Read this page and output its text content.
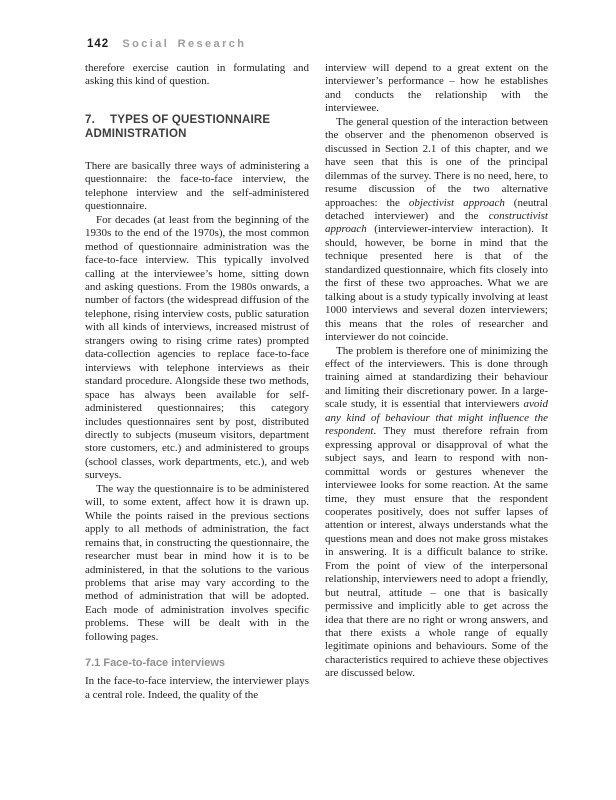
142 Social Research

therefore exercise caution in formulating and asking this kind of question.

7. TYPES OF QUESTIONNAIRE ADMINISTRATION

There are basically three ways of administering a questionnaire: the face-to-face interview, the telephone interview and the self-administered questionnaire.

For decades (at least from the beginning of the 1930s to the end of the 1970s), the most common method of questionnaire administration was the face-to-face interview. This typically involved calling at the interviewee’s home, sitting down and asking questions. From the 1980s onwards, a number of factors (the widespread diffusion of the telephone, rising interview costs, public saturation with all kinds of interviews, increased mistrust of strangers owing to rising crime rates) prompted data-collection agencies to replace face-to-face interviews with telephone interviews as their standard procedure. Alongside these two methods, space has always been available for self-administered questionnaires; this category includes questionnaires sent by post, distributed directly to subjects (museum visitors, department store customers, etc.) and administered to groups (school classes, work departments, etc.), and web surveys.

The way the questionnaire is to be administered will, to some extent, affect how it is drawn up. While the points raised in the previous sections apply to all methods of administration, the fact remains that, in constructing the questionnaire, the researcher must bear in mind how it is to be administered, in that the solutions to the various problems that arise may vary according to the method of administration that will be adopted. Each mode of administration involves specific problems. These will be dealt with in the following pages.

7.1 Face-to-face interviews

In the face-to-face interview, the interviewer plays a central role. Indeed, the quality of the

interview will depend to a great extent on the interviewer’s performance – how he establishes and conducts the relationship with the interviewee.

The general question of the interaction between the observer and the phenomenon observed is discussed in Section 2.1 of this chapter, and we have seen that this is one of the principal dilemmas of the survey. There is no need, here, to resume discussion of the two alternative approaches: the objectivist approach (neutral detached interviewer) and the constructivist approach (interviewer-interview interaction). It should, however, be borne in mind that the technique presented here is that of the standardized questionnaire, which fits closely into the first of these two approaches. What we are talking about is a study typically involving at least 1000 interviews and several dozen interviewers; this means that the roles of researcher and interviewer do not coincide.

The problem is therefore one of minimizing the effect of the interviewers. This is done through training aimed at standardizing their behaviour and limiting their discretionary power. In a large-scale study, it is essential that interviewers avoid any kind of behaviour that might influence the respondent. They must therefore refrain from expressing approval or disapproval of what the subject says, and learn to respond with non-committal words or gestures whenever the interviewee looks for some reaction. At the same time, they must ensure that the respondent cooperates positively, does not suffer lapses of attention or interest, always understands what the questions mean and does not make gross mistakes in answering. It is a difficult balance to strike. From the point of view of the interpersonal relationship, interviewers need to adopt a friendly, but neutral, attitude – one that is basically permissive and implicitly able to get across the idea that there are no right or wrong answers, and that there exists a whole range of equally legitimate opinions and behaviours. Some of the characteristics required to achieve these objectives are discussed below.
